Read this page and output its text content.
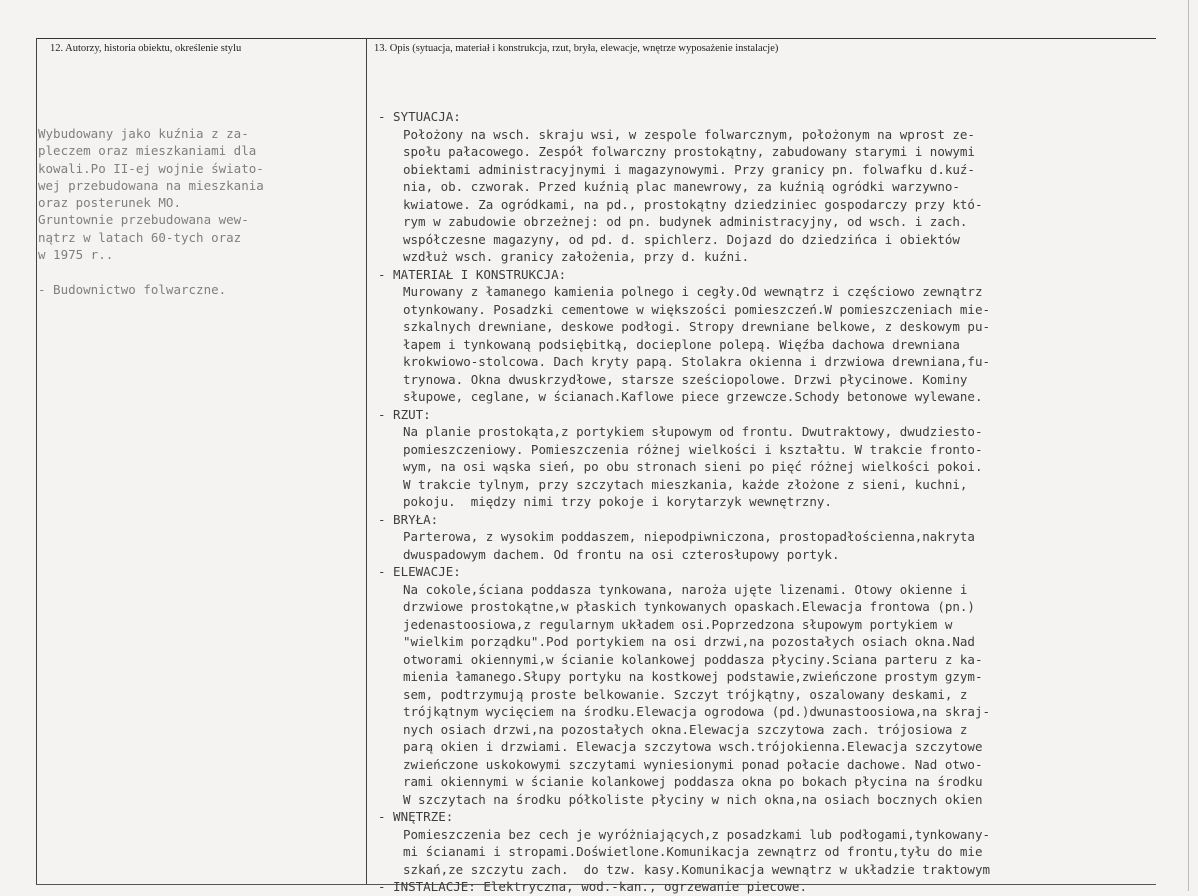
12. Autorzy, historia obiektu, określenie stylu	13. Opis (sytuacja, materiał i konstrukcja, rzut, bryła, elewacje, wnętrze wyposażenie instalacje)
Wybudowany jako kuźnia z za-
pleczem oraz mieszkaniami dla
kowali.Po II-ej wojnie świato-
wej przebudowana na mieszkania
oraz posterunek MO.
Gruntownie przebudowana wew-
nątrz w latach 60-tych oraz
w 1975 r..
- Budownictwo folwarczne.
- SYTUACJA:
Położony na wsch. skraju wsi, w zespole folwarcznym, położonym na wprost ze-
społu pałacowego. Zespół folwarczny prostokątny, zabudowany starymi i nowymi
obiektami administracyjnymi i magazynowymi. Przy granicy pn. folwafku d.kuź-
nia, ob. czworak. Przed kuźnią plac manewrowy, za kuźnią ogródki warzywno-
kwiatowe. Za ogródkami, na pd., prostokątny dziedziniec gospodarczy przy któ-
rym w zabudowie obrzeżnej: od pn. budynek administracyjny, od wsch. i zach.
współczesne magazyny, od pd. d. spichlerz. Dojazd do dziedzińca i obiektów
wzdłuż wsch. granicy założenia, przy d. kuźni.
- MATERIAŁ I KONSTRUKCJA:
Murowany z łamanego kamienia polnego i cegły.Od wewnątrz i częściowo zewnątrz
otynkowany. Posadzki cementowe w większości pomieszczeń.W pomieszczeniach mie-
szkalnych drewniane, deskowe podłogi. Stropy drewniane belkowe, z deskowym pu-
łapem i tynkowaną podsiębitką, docieplone polepą. Więźba dachowa drewniana
krokwiowo-stolcowa. Dach kryty papą. Stolakra okienna i drzwiowa drewniana,fu-
trynowa. Okna dwuskrzydłowe, starsze sześciopolowe. Drzwi płycinowe. Kominy
słupowe, ceglane, w ścianach.Kaflowe piece grzewcze.Schody betonowe wylewane.
- RZUT:
Na planie prostokąta,z portykiem słupowym od frontu. Dwutraktowy, dwudziesto-
pomieszczeniowy. Pomieszczenia różnej wielkości i kształtu. W trakcie fronto-
wym, na osi wąska sień, po obu stronach sieni po pięć różnej wielkości pokoi.
W trakcie tylnym, przy szczytach mieszkania, każde złożone z sieni, kuchni,
pokoju.  między nimi trzy pokoje i korytarzyk wewnętrzny.
- BRYŁA:
Parterowa, z wysokim poddaszem, niepodpiwniczona, prostopadłościenna,nakryta
dwuspadowym dachem. Od frontu na osi czterosłupowy portyk.
- ELEWACJE:
Na cokole,ściana poddasza tynkowana, naroża ujęte lizenami. Otowy okienne i
drzwiowe prostokątne,w płaskich tynkowanych opaskach.Elewacja frontowa (pn.)
jedenastoosiowa,z regularnym układem osi.Poprzedzona słupowym portykiem w
"wielkim porządku".Pod portykiem na osi drzwi,na pozostałych osiach okna.Nad
otworami okiennymi,w ścianie kolankowej poddasza płyciny.Sciana parteru z ka-
mienia łamanego.Słupy portyku na kostkowej podstawie,zwieńczone prostym gzym-
sem, podtrzymują proste belkowanie. Szczyt trójkątny, oszalowany deskami, z
trójkątnym wycięciem na środku.Elewacja ogrodowa (pd.)dwunastoosiowa,na skraj-
nych osiach drzwi,na pozostałych okna.Elewacja szczytowa zach. trójosiowa z
parą okien i drzwiami. Elewacja szczytowa wsch.trójokienna.Elewacja szczytowe
zwieńczone uskokowymi szczytami wyniesionymi ponad połacie dachowe. Nad otwo-
rami okiennymi w ścianie kolankowej poddasza okna po bokach płycina na środku
W szczytach na środku półkoliste płyciny w nich okna,na osiach bocznych okien
- WNĘTRZE:
Pomieszczenia bez cech je wyróżniających,z posadzkami lub podłogami,tynkowany-
mi ścianami i stropami.Doświetlone.Komunikacja zewnątrz od frontu,tyłu do mie
szkań,ze szczytu zach.  do tzw. kasy.Komunikacja wewnątrz w układzie traktowym
- INSTALACJE: Elektryczna, wod.-kan., ogrzewanie piecowe.
